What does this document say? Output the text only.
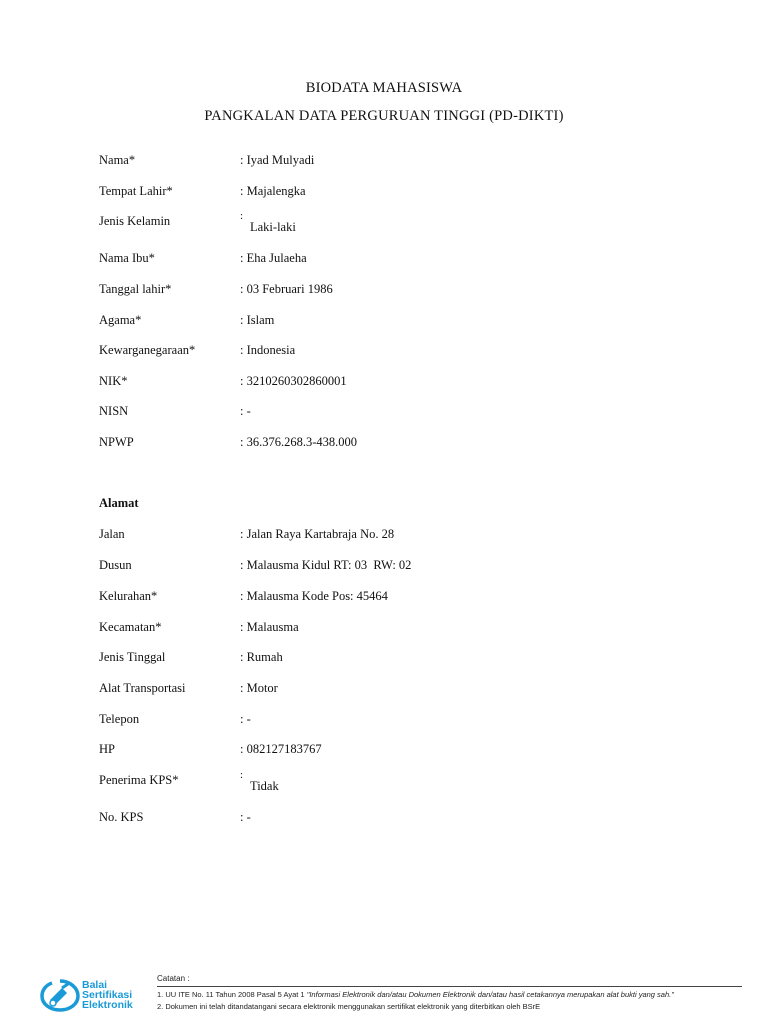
BIODATA MAHASISWA
PANGKALAN DATA PERGURUAN TINGGI (PD-DIKTI)
Nama*	: Iyad Mulyadi
Tempat Lahir*	: Majalengka
Jenis Kelamin	:
Laki-laki
Nama Ibu*	: Eha Julaeha
Tanggal lahir*	: 03 Februari 1986
Agama*	: Islam
Kewarganegaraan*	: Indonesia
NIK*	: 3210260302860001
NISN	: -
NPWP	: 36.376.268.3-438.000
Alamat
Jalan	: Jalan Raya Kartabraja No. 28
Dusun	: Malausma Kidul RT: 03  RW: 02
Kelurahan*	: Malausma Kode Pos: 45464
Kecamatan*	: Malausma
Jenis Tinggal	: Rumah
Alat Transportasi	: Motor
Telepon	: -
HP	: 082127183767
Penerima KPS*	:
Tidak
No. KPS	: -
Balai
Sertifikasi
Elektronik
Catatan :
1. UU ITE No. 11 Tahun 2008 Pasal 5 Ayat 1 "Informasi Elektronik dan/atau Dokumen Elektronik dan/atau hasil cetakannya merupakan alat bukti yang sah."
2. Dokumen ini telah ditandatangani secara elektronik menggunakan sertifikat elektronik yang diterbitkan oleh BSrE
